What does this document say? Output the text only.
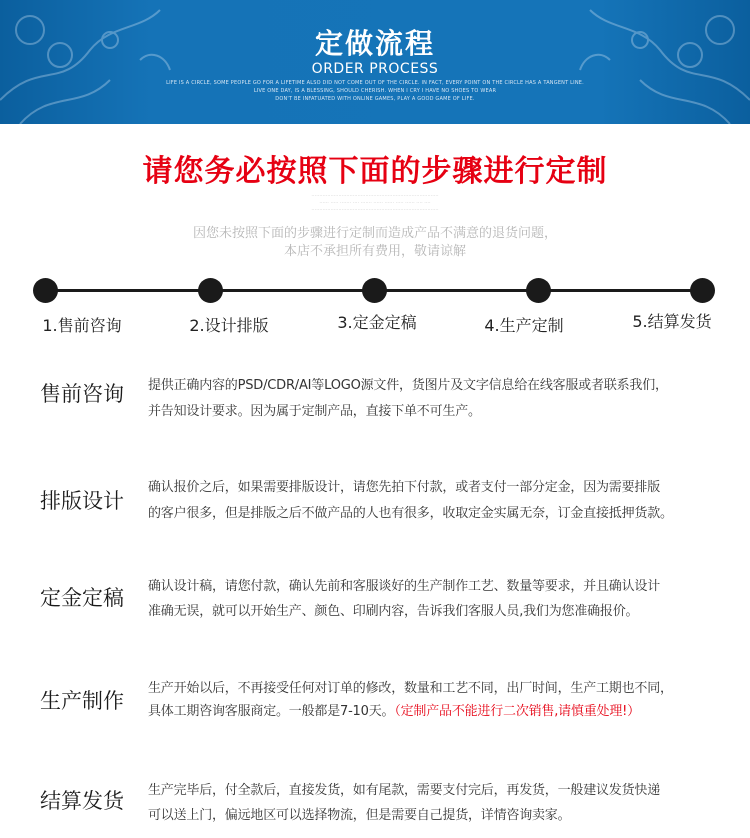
定做流程
ORDER PROCESS
LIFE IS A CIRCLE, SOME PEOPLE GO FOR A LIFETIME ALSO DID NOT COME OUT OF THE CIRCLE. IN FACT, EVERY POINT ON THE CIRCLE HAS A TANGENT LINE.
LIVE ONE DAY, IS A BLESSING, SHOULD CHERISH. WHEN I CRY I HAVE NO SHOES TO WEAR
DON'T BE INFATUATED WITH ONLINE GAMES, PLAY A GOOD GAME OF LIFE.
请您务必按照下面的步骤进行定制
................................................................................
...... ..... ....... .... ....... ...... ...... ..... ...... .... ....
................................................................................
因您未按照下面的步骤进行定制而造成产品不满意的退货问题，
本店不承担所有费用，敬请谅解
1.售前咨询	2.设计排版	3.定金定稿	4.生产定制	5.结算发货
售前咨询 提供正确内容的PSD/CDR/AI等LOGO源文件，货图片及文字信息给在线客服或者联系我们，
并告知设计要求。因为属于定制产品，直接下单不可生产。
排版设计
确认报价之后，如果需要排版设计，请您先拍下付款，或者支付一部分定金，因为需要排版
的客户很多，但是排版之后不做产品的人也有很多，收取定金实属无奈，订金直接抵押货款。
定金定稿 确认设计稿，请您付款，确认先前和客服谈好的生产制作工艺、数量等要求，并且确认设计
准确无误，就可以开始生产、颜色、印刷内容，告诉我们客服人员,我们为您准确报价。
生产制作
生产开始以后，不再接受任何对订单的修改，数量和工艺不同，出厂时间，生产工期也不同，
具体工期咨询客服商定。一般都是7-10天。（定制产品不能进行二次销售,请慎重处理!）
结算发货 生产完毕后，付全款后，直接发货，如有尾款，需要支付完后，再发货，一般建议发货快递
可以送上门，偏远地区可以选择物流，但是需要自己提货，详情咨询卖家。
